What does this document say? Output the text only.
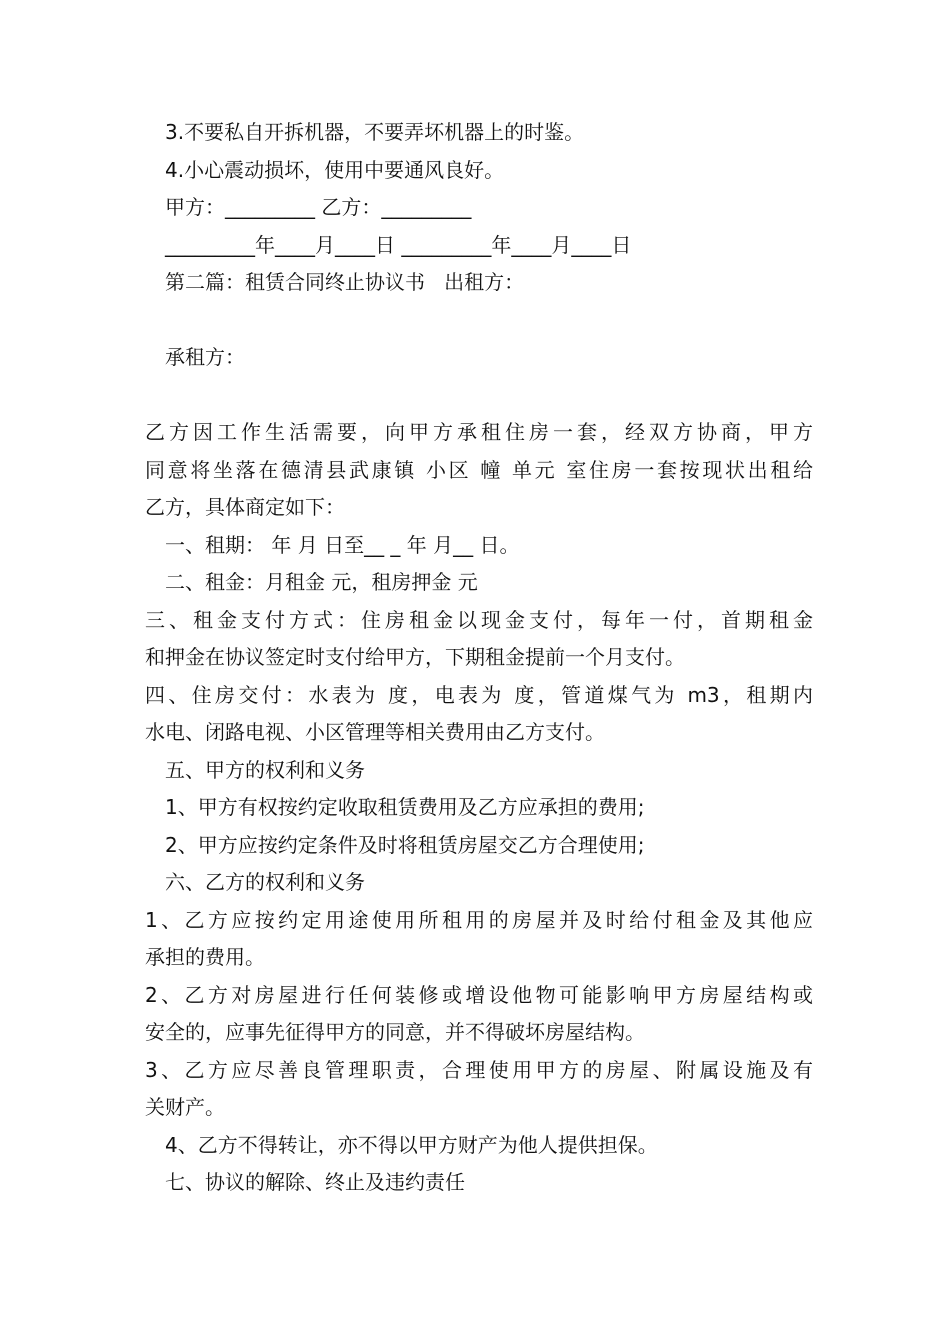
3.不要私自开拆机器，不要弄坏机器上的时鉴。
4.小心震动损坏，使用中要通风良好。
甲方：_________ 乙方：_________
_________年____月____日 _________年____月____日
第二篇：租赁合同终止协议书   出租方：
承租方：
乙方因工作生活需要，向甲方承租住房一套，经双方协商，甲方
同意将坐落在德清县武康镇 小区 幢 单元 室住房一套按现状出租给
乙方，具体商定如下：
一、租期： 年 月 日至__ _ 年 月__ 日。
二、租金：月租金 元，租房押金 元
三、租金支付方式：住房租金以现金支付，每年一付，首期租金
和押金在协议签定时支付给甲方，下期租金提前一个月支付。
四、住房交付：水表为 度，电表为 度，管道煤气为 m3，租期内
水电、闭路电视、小区管理等相关费用由乙方支付。
五、甲方的权利和义务
1、甲方有权按约定收取租赁费用及乙方应承担的费用;
2、甲方应按约定条件及时将租赁房屋交乙方合理使用;
六、乙方的权利和义务
1、乙方应按约定用途使用所租用的房屋并及时给付租金及其他应
承担的费用。
2、乙方对房屋进行任何装修或增设他物可能影响甲方房屋结构或
安全的，应事先征得甲方的同意，并不得破坏房屋结构。
3、乙方应尽善良管理职责，合理使用甲方的房屋、附属设施及有
关财产。
4、乙方不得转让，亦不得以甲方财产为他人提供担保。
七、协议的解除、终止及违约责任
